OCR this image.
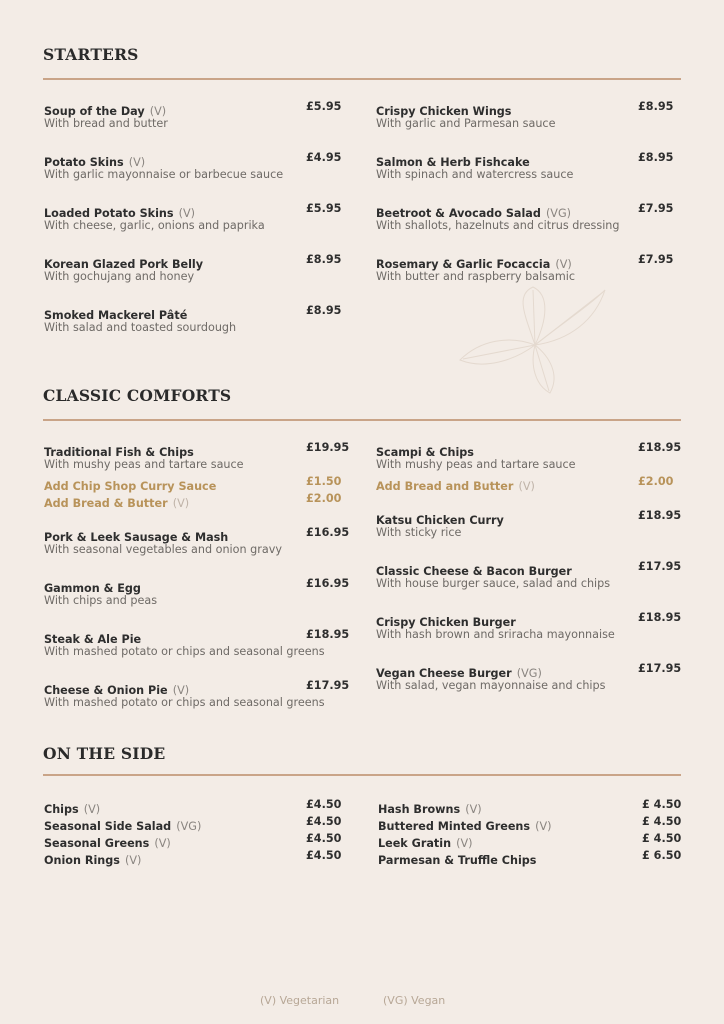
STARTERS
Soup of the Day (V)	£5.95
With bread and butter
Potato Skins (V)	£4.95
With garlic mayonnaise or barbecue sauce
Loaded Potato Skins (V)	£5.95
With cheese, garlic, onions and paprika
Korean Glazed Pork Belly	£8.95
With gochujang and honey
Smoked Mackerel Pâté	£8.95
With salad and toasted sourdough
Crispy Chicken Wings	£8.95
With garlic and Parmesan sauce
Salmon & Herb Fishcake	£8.95
With spinach and watercress sauce
Beetroot & Avocado Salad (VG)	£7.95
With shallots, hazelnuts and citrus dressing
Rosemary & Garlic Focaccia (V)	£7.95
With butter and raspberry balsamic
CLASSIC COMFORTS
Traditional Fish & Chips	£19.95
With mushy peas and tartare sauce
Add Chip Shop Curry Sauce	£1.50
Add Bread & Butter (V)	£2.00
Pork & Leek Sausage & Mash	£16.95
With seasonal vegetables and onion gravy
Gammon & Egg	£16.95
With chips and peas
Steak & Ale Pie	£18.95
With mashed potato or chips and seasonal greens
Cheese & Onion Pie (V)	£17.95
With mashed potato or chips and seasonal greens
Scampi & Chips	£18.95
With mushy peas and tartare sauce
Add Bread and Butter (V)	£2.00
Katsu Chicken Curry	£18.95
With sticky rice
Classic Cheese & Bacon Burger	£17.95
With house burger sauce, salad and chips
Crispy Chicken Burger	£18.95
With hash brown and sriracha mayonnaise
Vegan Cheese Burger (VG)	£17.95
With salad, vegan mayonnaise and chips
ON THE SIDE
Chips (V)	£4.50
Seasonal Side Salad (VG)	£4.50
Seasonal Greens (V)	£4.50
Onion Rings (V)	£4.50
Hash Browns (V)	£ 4.50
Buttered Minted Greens (V)	£ 4.50
Leek Gratin (V)	£ 4.50
Parmesan & Truffle Chips	£ 6.50
(V) Vegetarian	(VG) Vegan
